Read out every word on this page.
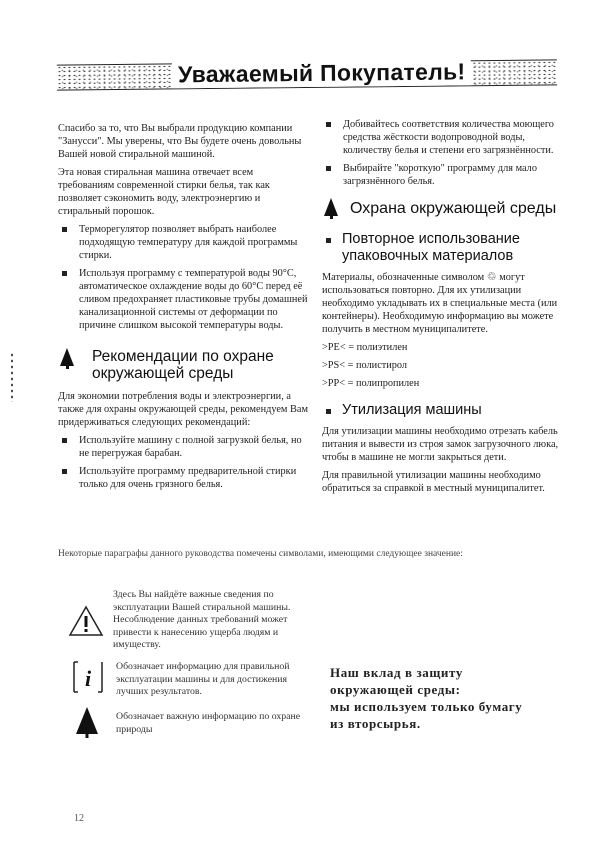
Уважаемый Покупатель!

Спасибо за то, что Вы выбрали продукцию компании "Занусси". Мы уверены, что Вы будете очень довольны Вашей новой стиральной машиной.

Эта новая стиральная машина отвечает всем требованиям современной стирки белья, так как позволяет сэкономить воду, электроэнергию и стиральный порошок.

Терморегулятор позволяет выбрать наиболее подходящую температуру для каждой программы стирки.
Используя программу с температурой воды 90°С, автоматическое охлаждение воды до 60°С перед её сливом предохраняет пластиковые трубы домашней канализационной системы от деформации по причине слишком высокой температуры воды.
Рекомендации по охране окружающей среды

Для экономии потребления воды и электроэнергии, а также для охраны окружающей среды, рекомендуем Вам придерживаться следующих рекомендаций:

Используйте машину с полной загрузкой белья, но не перегружая барабан.
Используйте программу предварительной стирки только для очень грязного белья.
Добивайтесь соответствия количества моющего средства жёсткости водопроводной воды, количеству белья и степени его загрязнённости.
Выбирайте "короткую" программу для мало загрязнённого белья.
Охрана окружающей среды
Повторное использование упаковочных материалов

Материалы, обозначенные символом ♲ могут использоваться повторно. Для их утилизации необходимо укладывать их в специальные места (или контейнеры). Необходимую информацию вы можете получить в местном муниципалитете.

>PE< = полиэтилен

>PS< = полистирол

>PP< = полипропилен

Утилизация машины

Для утилизации машины необходимо отрезать кабель питания и вывести из строя замок загрузочного люка, чтобы в машине не могли закрыться дети.

Для правильной утилизации машины необходимо обратиться за справкой в местный муниципалитет.

Некоторые параграфы данного руководства помечены символами, имеющими следующее значение:
Здесь Вы найдёте важные сведения по эксплуатации Вашей стиральной машины. Несоблюдение данных требований может привести к нанесению ущерба людям и имуществу.
i	Обозначает информацию для правильной эксплуатации машины и для достижения лучших результатов.
Обозначает важную информацию по охране природы
Наш вклад в защиту
окружающей среды:
мы используем только бумагу
из вторсырья.
12
